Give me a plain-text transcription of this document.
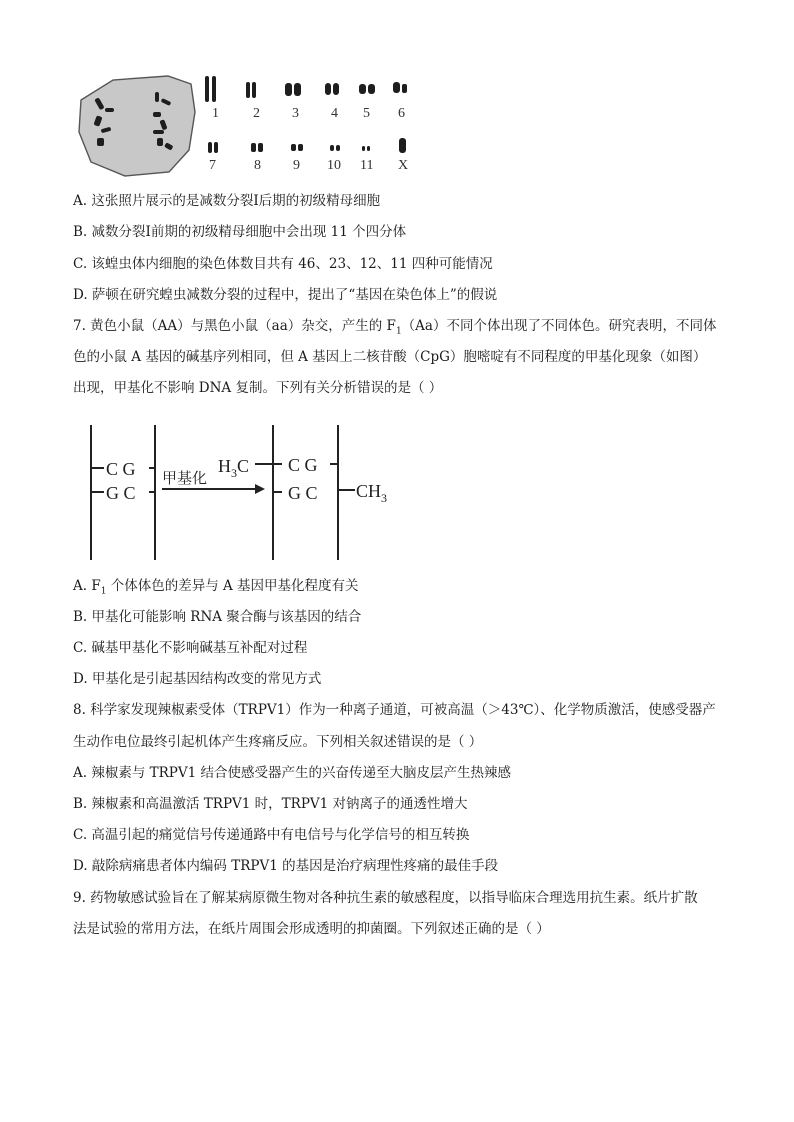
1 2 3 4 5 6
7	8 9 10 11 X
A. 这张照片展示的是减数分裂Ⅰ后期的初级精母细胞
B. 减数分裂Ⅰ前期的初级精母细胞中会出现 11 个四分体
C. 该蝗虫体内细胞的染色体数目共有 46、23、12、11 四种可能情况
D. 萨顿在研究蝗虫减数分裂的过程中，提出了“基因在染色体上”的假说
7. 黄色小鼠（AA）与黑色小鼠（aa）杂交，产生的 $F_1(Aa)$不同个体出现了不同体色。研究表明，不同体
色的小鼠 A 基因的碱基序列相同，但 A 基因上二核苷酸（CpG）胞嘧啶有不同程度的甲基化现象（如图）
出现，甲基化不影响 DNA 复制。下列有关分析错误的是（ ）
C G
G C
甲基化
$H_3C$ C G
G C $CH_3$
A. $F_1$ 个体体色的差异与 A 基因甲基化程度有关
B. 甲基化可能影响 RNA 聚合酶与该基因的结合
C. 碱基甲基化不影响碱基互补配对过程
D. 甲基化是引起基因结构改变的常见方式
8. 科学家发现辣椒素受体（TRPV1）作为一种离子通道，可被高温（＞43℃）、化学物质激活，使感受器产
生动作电位最终引起机体产生疼痛反应。下列相关叙述错误的是（ ）
A. 辣椒素与 TRPV1 结合使感受器产生的兴奋传递至大脑皮层产生热辣感
B. 辣椒素和高温激活 TRPV1 时，TRPV1 对钠离子的通透性增大
C. 高温引起的痛觉信号传递通路中有电信号与化学信号的相互转换
D. 敲除病痛患者体内编码 TRPV1 的基因是治疗病理性疼痛的最佳手段
9. 药物敏感试验旨在了解某病原微生物对各种抗生素的敏感程度，以指导临床合理选用抗生素。纸片扩散
法是试验的常用方法，在纸片周围会形成透明的抑菌圈。下列叙述正确的是（ ）
